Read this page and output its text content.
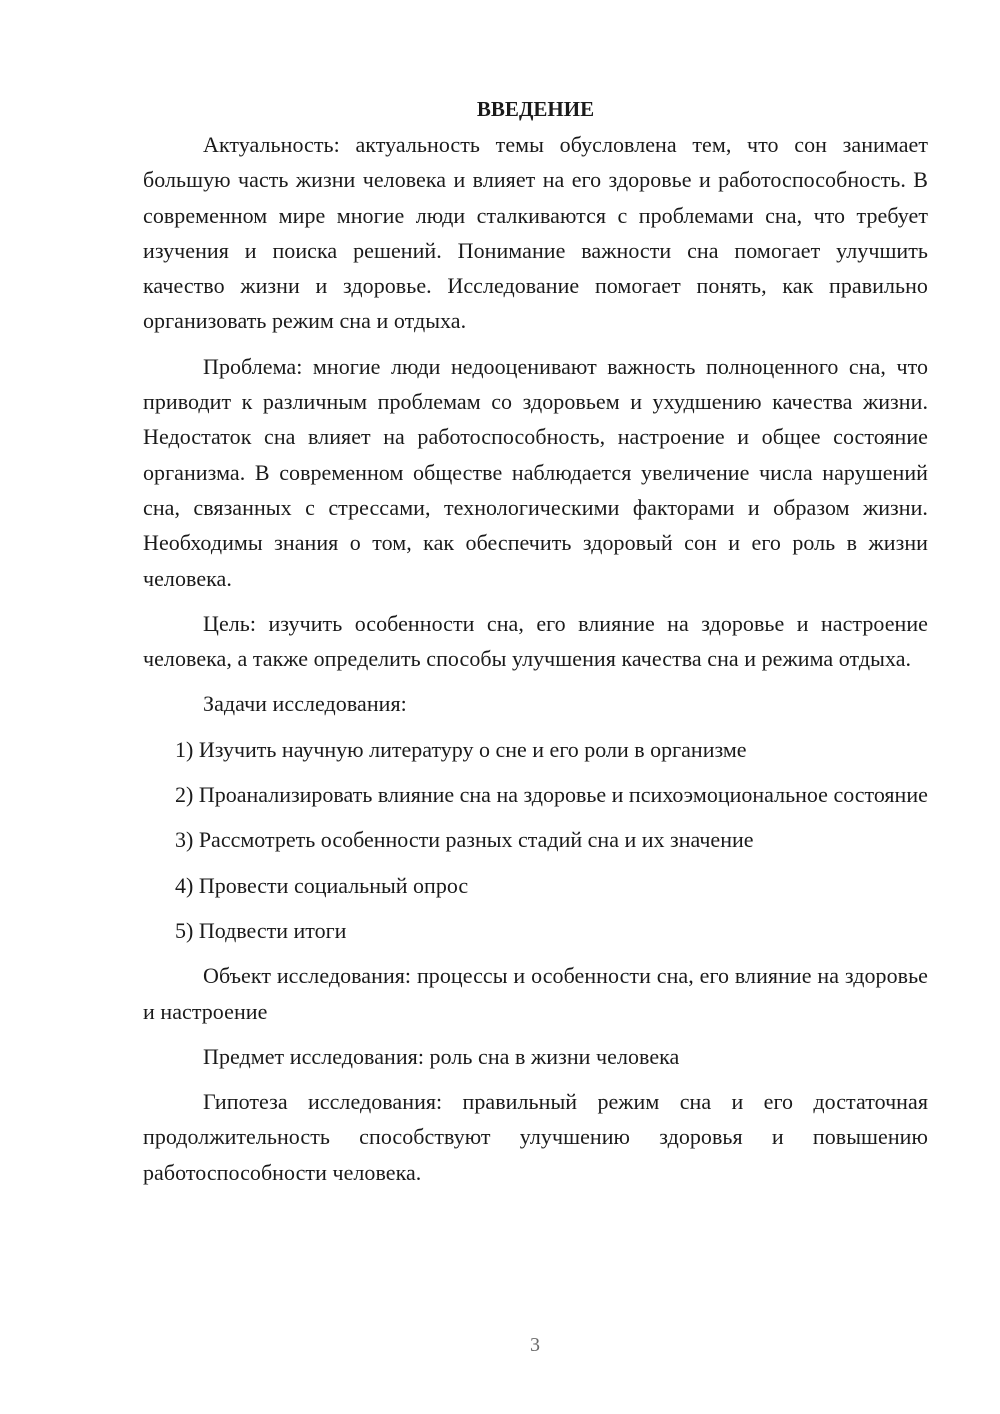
ВВЕДЕНИЕ

Актуальность: актуальность темы обусловлена тем, что сон занимает большую часть жизни человека и влияет на его здоровье и работоспособность. В современном мире многие люди сталкиваются с проблемами сна, что требует изучения и поиска решений. Понимание важности сна помогает улучшить качество жизни и здоровье. Исследование помогает понять, как правильно организовать режим сна и отдыха.

Проблема: многие люди недооценивают важность полноценного сна, что приводит к различным проблемам со здоровьем и ухудшению качества жизни. Недостаток сна влияет на работоспособность, настроение и общее состояние организма. В современном обществе наблюдается увеличение числа нарушений сна, связанных с стрессами, технологическими факторами и образом жизни. Необходимы знания о том, как обеспечить здоровый сон и его роль в жизни человека.

Цель: изучить особенности сна, его влияние на здоровье и настроение человека, а также определить способы улучшения качества сна и режима отдыха.

Задачи исследования:

1) Изучить научную литературу о сне и его роли в организме

2) Проанализировать влияние сна на здоровье и психоэмоциональное состояние

3) Рассмотреть особенности разных стадий сна и их значение

4) Провести социальный опрос

5) Подвести итоги

Объект исследования: процессы и особенности сна, его влияние на здоровье и настроение

Предмет исследования: роль сна в жизни человека

Гипотеза исследования: правильный режим сна и его достаточная продолжительность способствуют улучшению здоровья и повышению работоспособности человека.

3
